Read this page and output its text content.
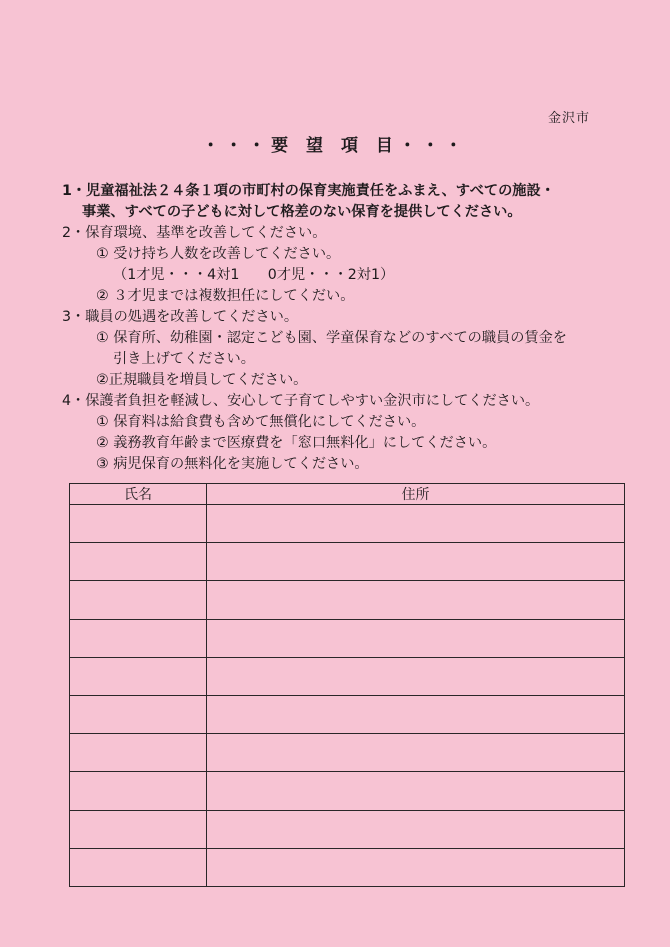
金沢市
・・・要 望 項 目・・・
1・児童福祉法２４条１項の市町村の保育実施責任をふまえ、すべての施設・
事業、すべての子どもに対して格差のない保育を提供してください。
2・保育環境、基準を改善してください。
① 受け持ち人数を改善してください。
（1才児・・・4対1　　0才児・・・2対1）
② ３才児までは複数担任にしてくだい。
3・職員の処遇を改善してください。
① 保育所、幼稚園・認定こども園、学童保育などのすべての職員の賃金を
引き上げてください。
②正規職員を増員してください。
4・保護者負担を軽減し、安心して子育てしやすい金沢市にしてください。
① 保育料は給食費も含めて無償化にしてください。
② 義務教育年齢まで医療費を「窓口無料化」にしてください。
③ 病児保育の無料化を実施してください。
氏名	住所
